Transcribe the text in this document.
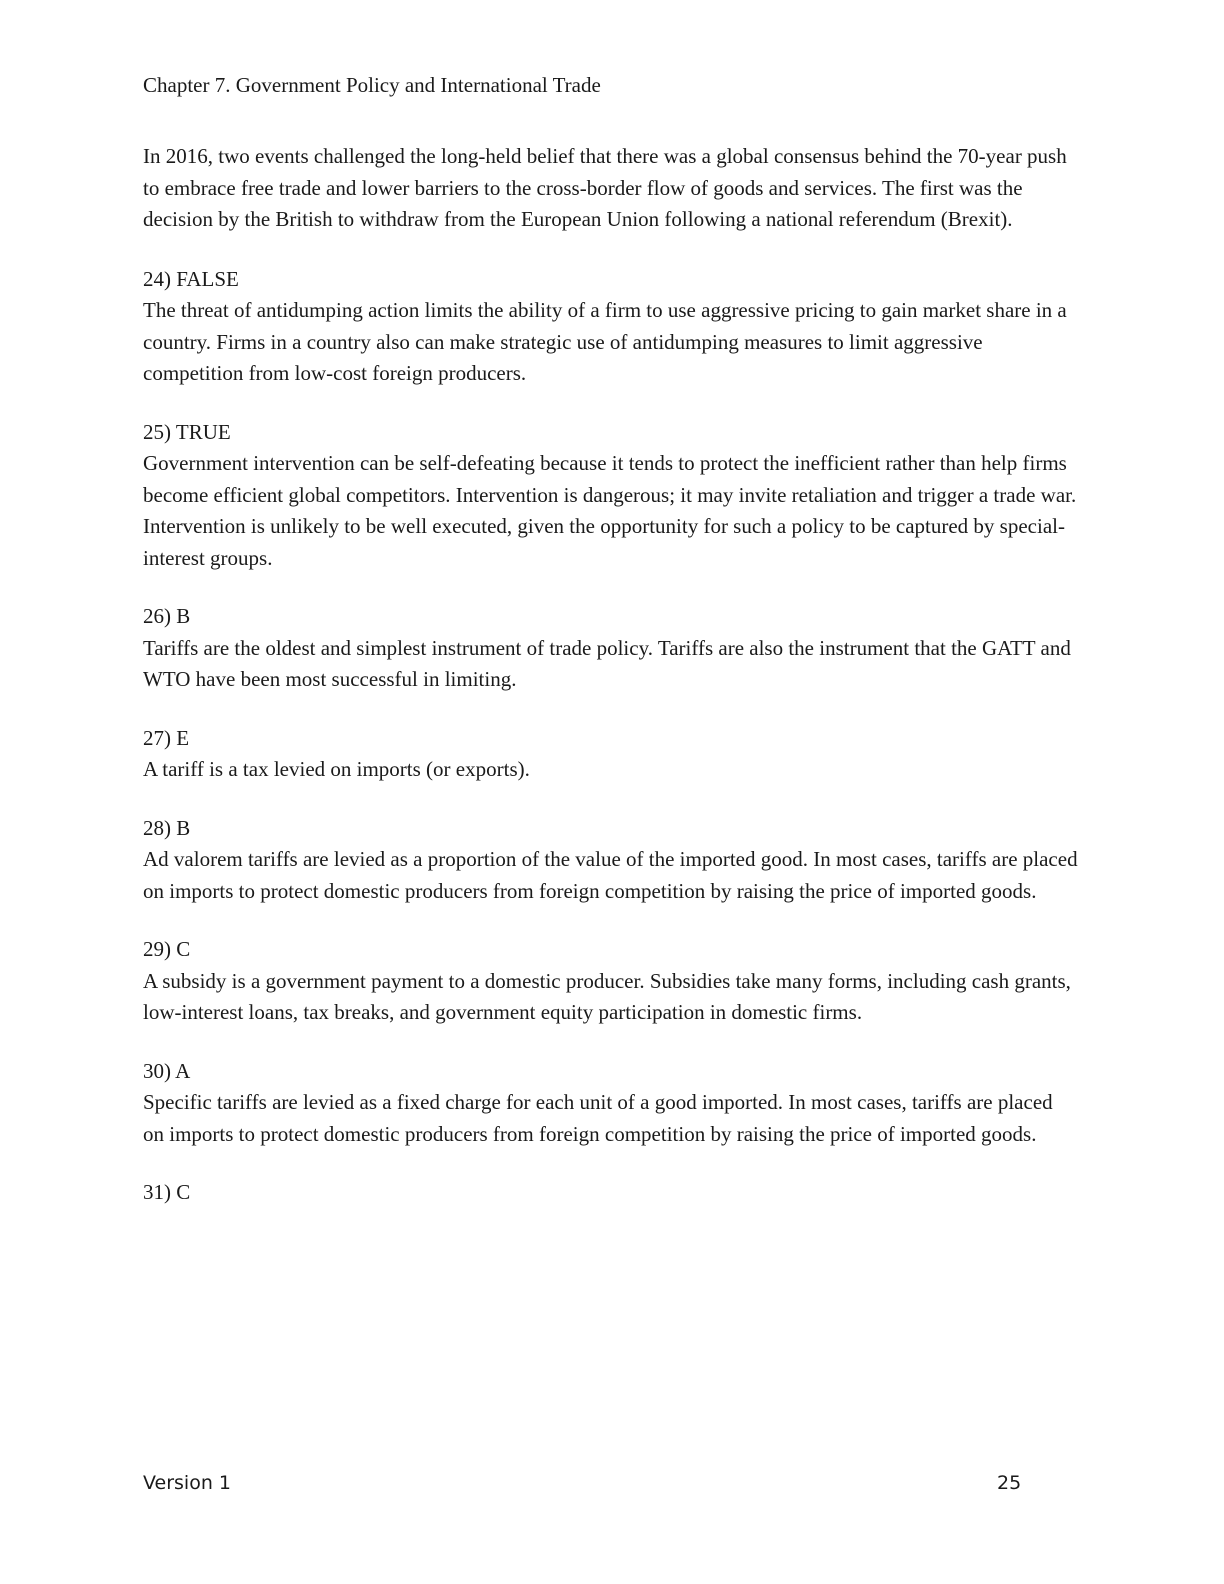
Chapter 7. Government Policy and International Trade

In 2016, two events challenged the long-held belief that there was a global consensus behind the 70-year push to embrace free trade and lower barriers to the cross-border flow of goods and services. The first was the decision by the British to withdraw from the European Union following a national referendum (Brexit).

24) FALSE
The threat of antidumping action limits the ability of a firm to use aggressive pricing to gain market share in a country. Firms in a country also can make strategic use of antidumping measures to limit aggressive competition from low-cost foreign producers.
25) TRUE
Government intervention can be self-defeating because it tends to protect the inefficient rather than help firms become efficient global competitors. Intervention is dangerous; it may invite retaliation and trigger a trade war. Intervention is unlikely to be well executed, given the opportunity for such a policy to be captured by special-interest groups.
26) B
Tariffs are the oldest and simplest instrument of trade policy. Tariffs are also the instrument that the GATT and WTO have been most successful in limiting.
27) E
A tariff is a tax levied on imports (or exports).
28) B
Ad valorem tariffs are levied as a proportion of the value of the imported good. In most cases, tariffs are placed on imports to protect domestic producers from foreign competition by raising the price of imported goods.
29) C
A subsidy is a government payment to a domestic producer. Subsidies take many forms, including cash grants, low-interest loans, tax breaks, and government equity participation in domestic firms.
30) A
Specific tariffs are levied as a fixed charge for each unit of a good imported. In most cases, tariffs are placed on imports to protect domestic producers from foreign competition by raising the price of imported goods.
31) C
Version 1	25
